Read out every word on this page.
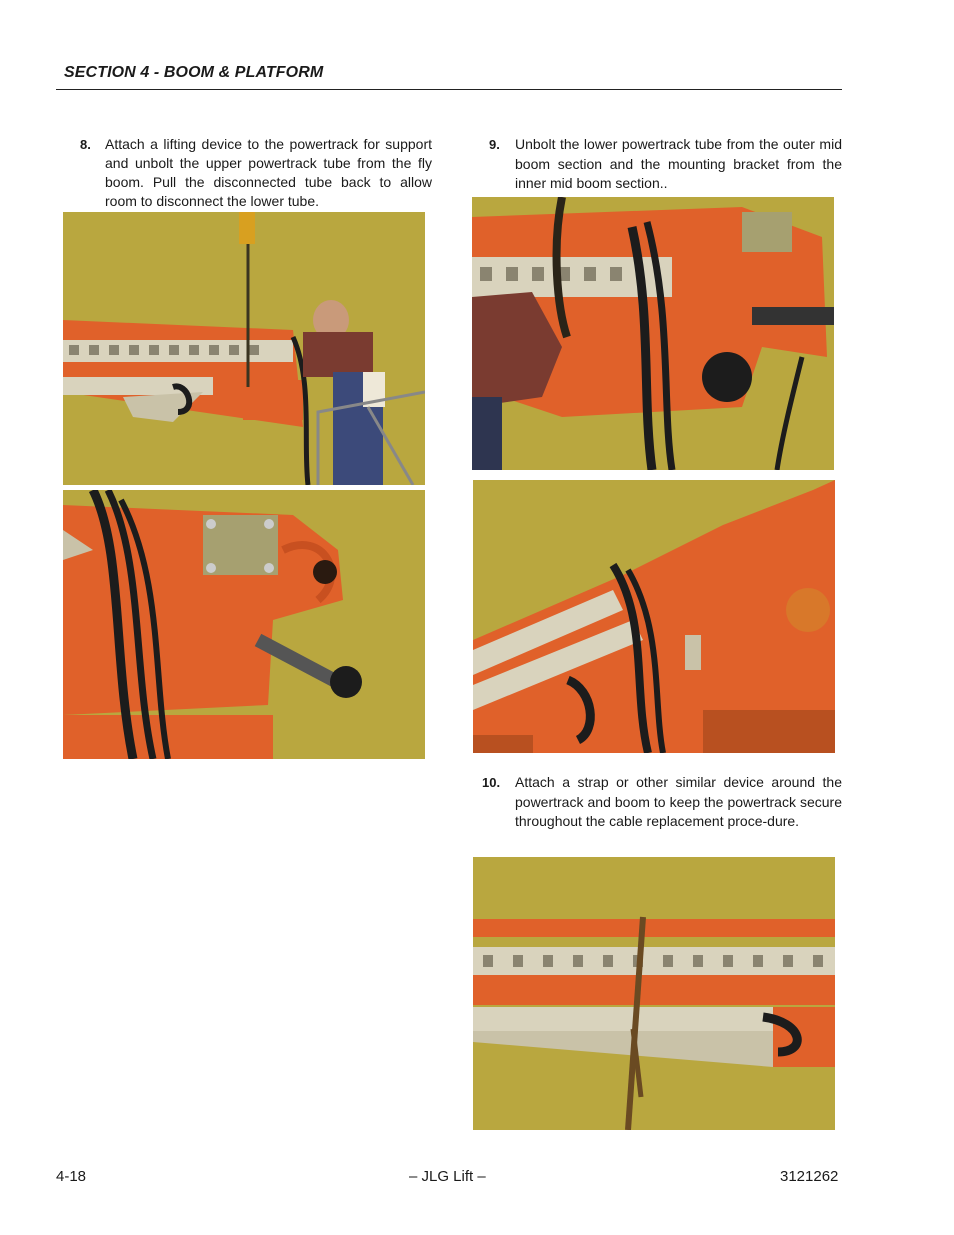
SECTION 4 - BOOM & PLATFORM
8. Attach a lifting device to the powertrack for support and unbolt the upper powertrack tube from the fly boom. Pull the disconnected tube back to allow room to disconnect the lower tube.
9. Unbolt the lower powertrack tube from the outer mid boom section and the mounting bracket from the inner mid boom section..
10. Attach a strap or other similar device around the powertrack and boom to keep the powertrack secure throughout the cable replacement proce-dure.
4-18	– JLG Lift –	3121262
